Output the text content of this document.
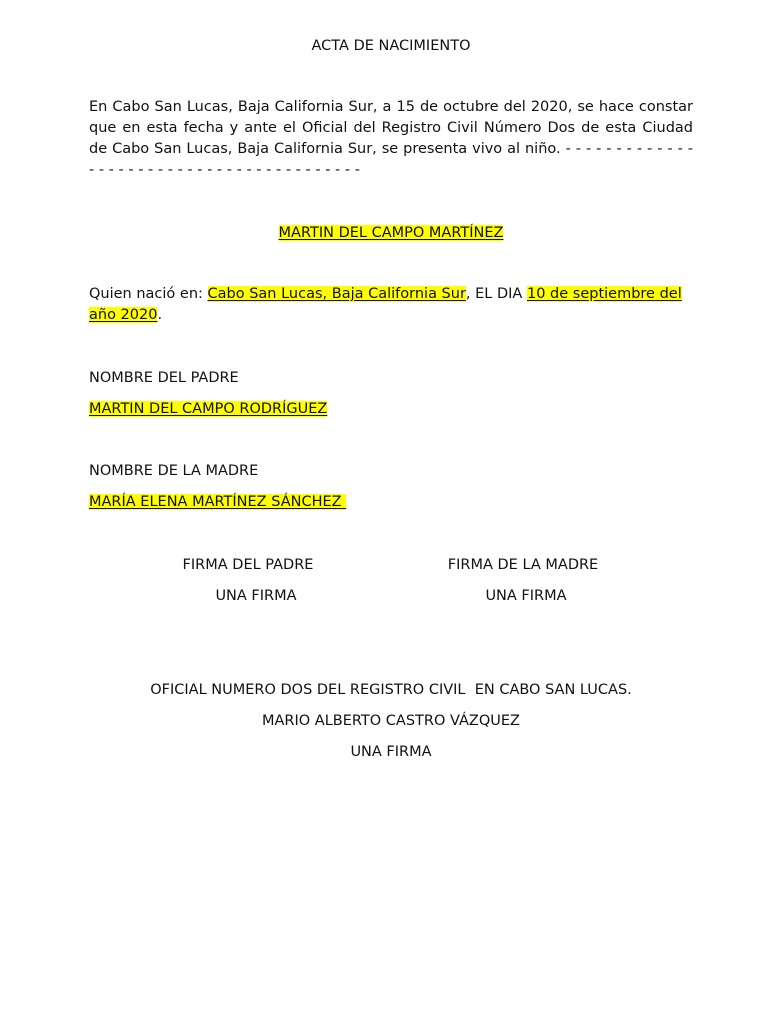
ACTA DE NACIMIENTO
En Cabo San Lucas, Baja California Sur, a 15 de octubre del 2020, se hace constar que en esta fecha y ante el Oficial del Registro Civil Número Dos de esta Ciudad de Cabo San Lucas, Baja California Sur, se presenta vivo al niño. - - - - - - - - - - - - - - - - - - - - - - - - - - - - - - - - - - - - - - - - -
MARTIN DEL CAMPO MARTÍNEZ
Quien nació en: Cabo San Lucas, Baja California Sur, EL DIA 10 de septiembre del año 2020.
NOMBRE DEL PADRE
MARTIN DEL CAMPO RODRÍGUEZ
NOMBRE DE LA MADRE
MARÍA ELENA MARTÍNEZ SÁNCHEZ
FIRMA DEL PADRE
UNA FIRMA
FIRMA DE LA MADRE
UNA FIRMA
OFICIAL NUMERO DOS DEL REGISTRO CIVIL  EN CABO SAN LUCAS.
MARIO ALBERTO CASTRO VÁZQUEZ
UNA FIRMA
